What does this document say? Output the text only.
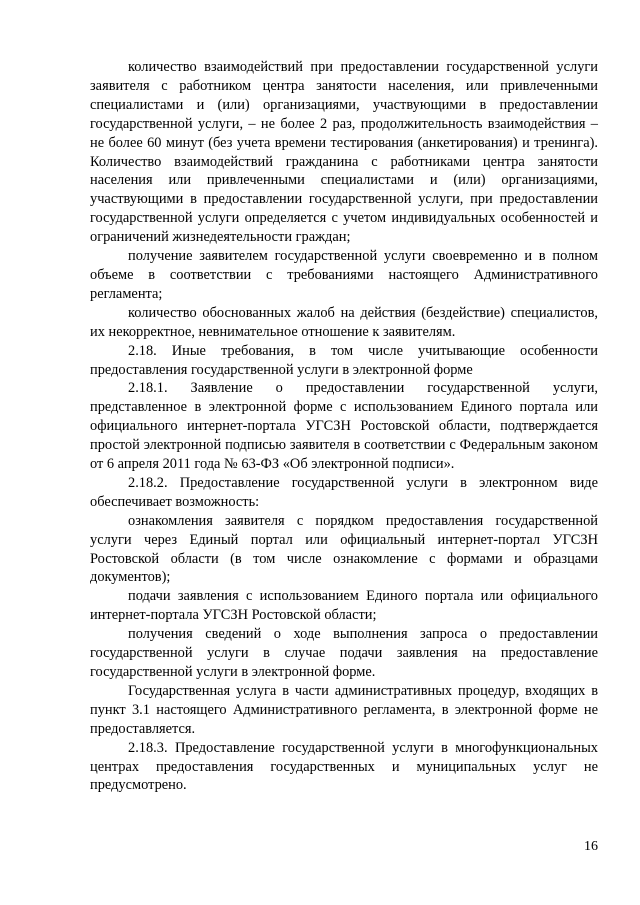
количество взаимодействий при предоставлении государственной услуги заявителя с работником центра занятости населения, или привлеченными специалистами и (или) организациями, участвующими в предоставлении государственной услуги, – не более 2 раз, продолжительность взаимодействия – не более 60 минут (без учета времени тестирования (анкетирования) и тренинга). Количество взаимодействий гражданина с работниками центра занятости населения или привлеченными специалистами и (или) организациями, участвующими в предоставлении государственной услуги, при предоставлении государственной услуги определяется с учетом индивидуальных особенностей и ограничений жизнедеятельности граждан;

получение заявителем государственной услуги своевременно и в полном объеме в соответствии с требованиями настоящего Административного регламента;

количество обоснованных жалоб на действия (бездействие) специалистов, их некорректное, невнимательное отношение к заявителям.

2.18. Иные требования, в том числе учитывающие особенности предоставления государственной услуги в электронной форме

2.18.1. Заявление о предоставлении государственной услуги, представленное в электронной форме с использованием Единого портала или официального интернет-портала УГСЗН Ростовской области, подтверждается простой электронной подписью заявителя в соответствии с Федеральным законом от 6 апреля 2011 года № 63-ФЗ «Об электронной подписи».

2.18.2. Предоставление государственной услуги в электронном виде обеспечивает возможность:

ознакомления заявителя с порядком предоставления государственной услуги через Единый портал или официальный интернет-портал УГСЗН Ростовской области (в том числе ознакомление с формами и образцами документов);

подачи заявления с использованием Единого портала или официального интернет-портала УГСЗН Ростовской области;

получения сведений о ходе выполнения запроса о предоставлении государственной услуги в случае подачи заявления на предоставление государственной услуги в электронной форме.

Государственная услуга в части административных процедур, входящих в пункт 3.1 настоящего Административного регламента, в электронной форме не предоставляется.

2.18.3. Предоставление государственной услуги в многофункциональных центрах предоставления государственных и муниципальных услуг не предусмотрено.

16
